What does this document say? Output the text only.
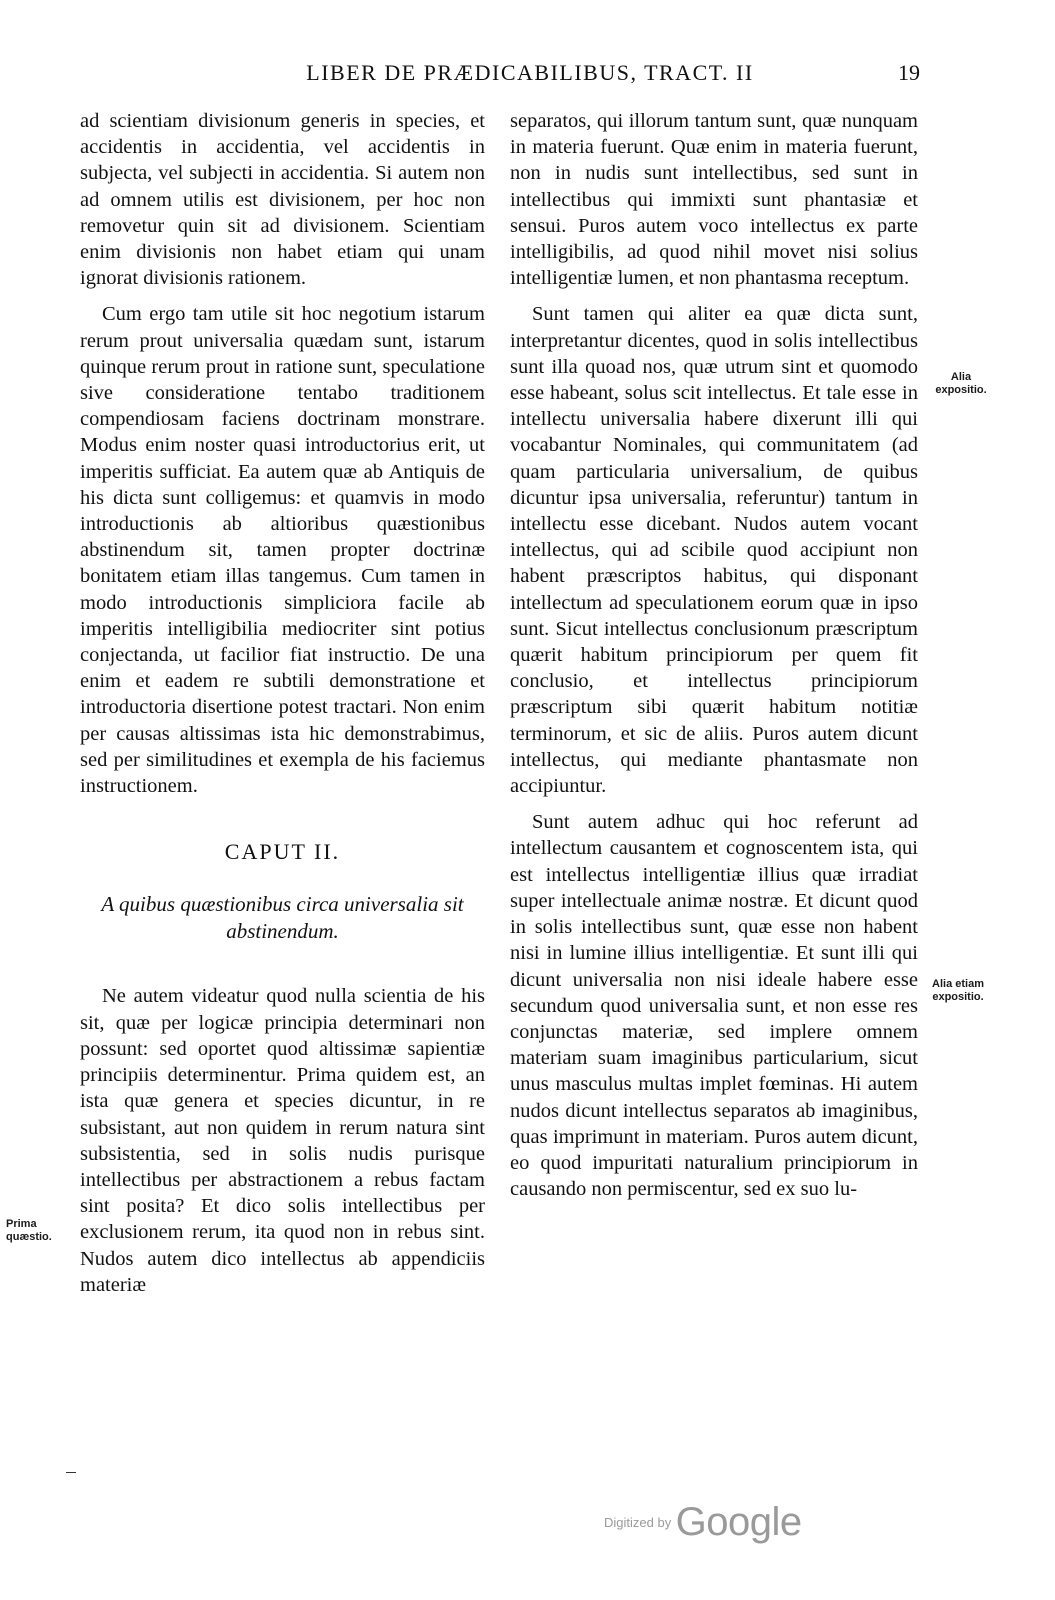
LIBER DE PRÆDICABILIBUS, TRACT. II	19

ad scientiam divisionum generis in species, et accidentis in accidentia, vel accidentis in subjecta, vel subjecti in accidentia. Si autem non ad omnem utilis est divisionem, per hoc non removetur quin sit ad divisionem. Scientiam enim divisionis non habet etiam qui unam ignorat divisionis rationem.

Cum ergo tam utile sit hoc negotium istarum rerum prout universalia quædam sunt, istarum quinque rerum prout in ratione sunt, speculatione sive consideratione tentabo traditionem compendiosam faciens doctrinam monstrare. Modus enim noster quasi introductorius erit, ut imperitis sufficiat. Ea autem quæ ab Antiquis de his dicta sunt colligemus: et quamvis in modo introductionis ab altioribus quæstionibus abstinendum sit, tamen propter doctrinæ bonitatem etiam illas tangemus. Cum tamen in modo introductionis simpliciora facile ab imperitis intelligibilia mediocriter sint potius conjectanda, ut facilior fiat instructio. De una enim et eadem re subtili demonstratione et introductoria disertione potest tractari. Non enim per causas altissimas ista hic demonstrabimus, sed per similitudines et exempla de his faciemus instructionem.

CAPUT II.
A quibus quæstionibus circa universalia sit abstinendum.

Ne autem videatur quod nulla scientia de his sit, quæ per logicæ principia determinari non possunt: sed oportet quod altissimæ sapientiæ principiis determinentur. Prima quidem est, an ista quæ genera et species dicuntur, in re subsistant, aut non quidem in rerum natura sint subsistentia, sed in solis nudis purisque intellectibus per abstractionem a rebus factam sint posita? Et dico solis intellectibus per exclusionem rerum, ita quod non in rebus sint. Nudos autem dico intellectus ab appendiciis materiæ

separatos, qui illorum tantum sunt, quæ nunquam in materia fuerunt. Quæ enim in materia fuerunt, non in nudis sunt intellectibus, sed sunt in intellectibus qui immixti sunt phantasiæ et sensui. Puros autem voco intellectus ex parte intelligibilis, ad quod nihil movet nisi solius intelligentiæ lumen, et non phantasma receptum.

Sunt tamen qui aliter ea quæ dicta sunt, interpretantur dicentes, quod in solis intellectibus sunt illa quoad nos, quæ utrum sint et quomodo esse habeant, solus scit intellectus. Et tale esse in intellectu universalia habere dixerunt illi qui vocabantur Nominales, qui communitatem (ad quam particularia universalium, de quibus dicuntur ipsa universalia, referuntur) tantum in intellectu esse dicebant. Nudos autem vocant intellectus, qui ad scibile quod accipiunt non habent præscriptos habitus, qui disponant intellectum ad speculationem eorum quæ in ipso sunt. Sicut intellectus conclusionum præscriptum quærit habitum principiorum per quem fit conclusio, et intellectus principiorum præscriptum sibi quærit habitum notitiæ terminorum, et sic de aliis. Puros autem dicunt intellectus, qui mediante phantasmate non accipiuntur.

Sunt autem adhuc qui hoc referunt ad intellectum causantem et cognoscentem ista, qui est intellectus intelligentiæ illius quæ irradiat super intellectuale animæ nostræ. Et dicunt quod in solis intellectibus sunt, quæ esse non habent nisi in lumine illius intelligentiæ. Et sunt illi qui dicunt universalia non nisi ideale habere esse secundum quod universalia sunt, et non esse res conjunctas materiæ, sed implere omnem materiam suam imaginibus particularium, sicut unus masculus multas implet fœminas. Hi autem nudos dicunt intellectus separatos ab imaginibus, quas imprimunt in materiam. Puros autem dicunt, eo quod impuritati naturalium principiorum in causando non permiscentur, sed ex suo lu-

Prima quæstio.
Alia expositio.
Alia etiam expositio.
Digitized by Google
